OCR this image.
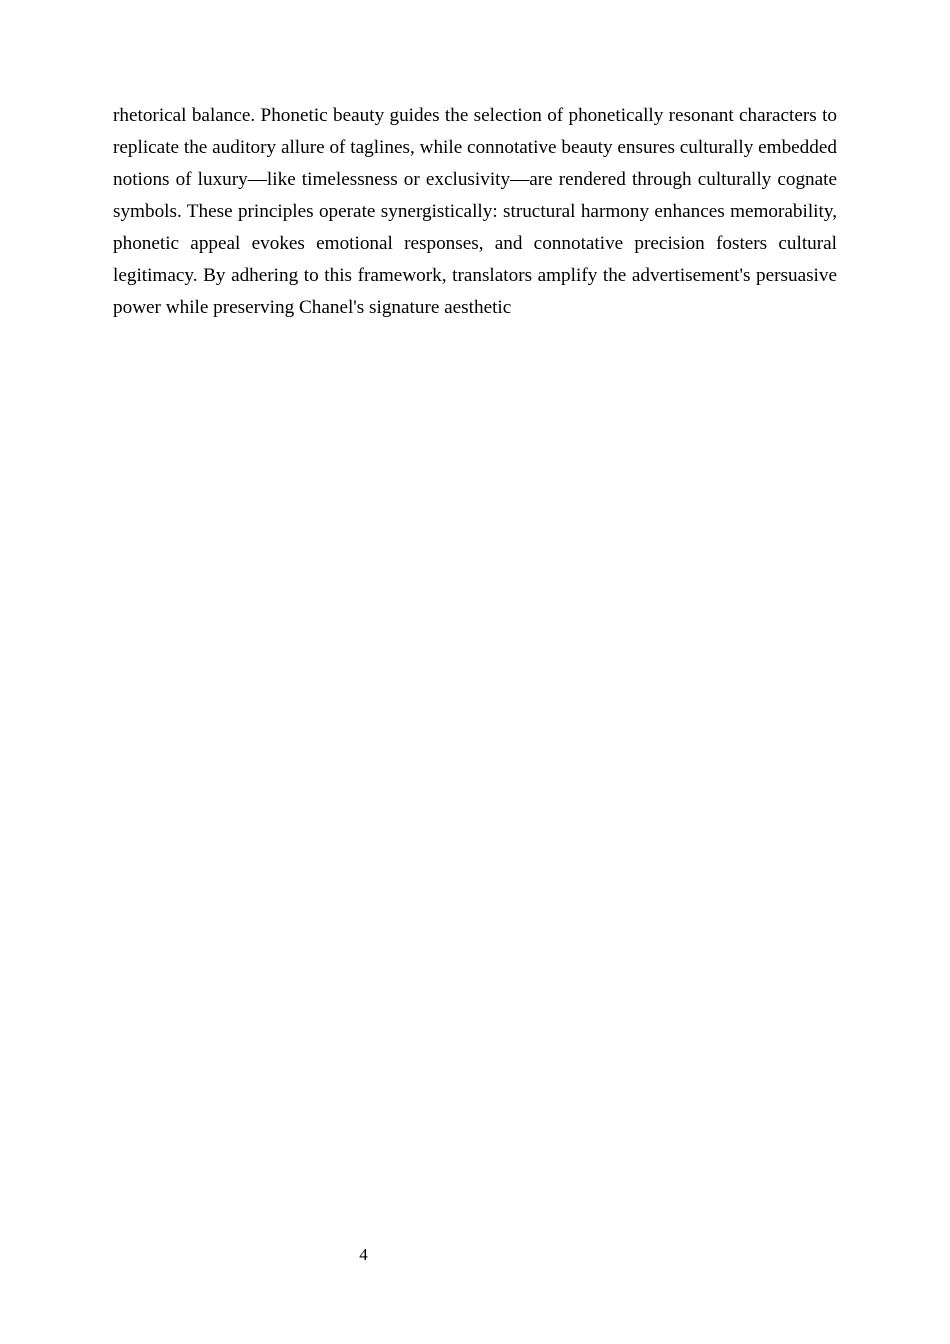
rhetorical balance. Phonetic beauty guides the selection of phonetically resonant characters to
replicate the auditory allure of taglines, while connotative beauty ensures culturally embedded
notions of luxury—like timelessness or exclusivity—are rendered through culturally cognate
symbols. These principles operate synergistically: structural harmony enhances memorability,
phonetic appeal evokes emotional responses, and connotative precision fosters cultural
legitimacy. By adhering to this framework, translators amplify the advertisement's persuasive
power while preserving Chanel's signature aesthetic
4
